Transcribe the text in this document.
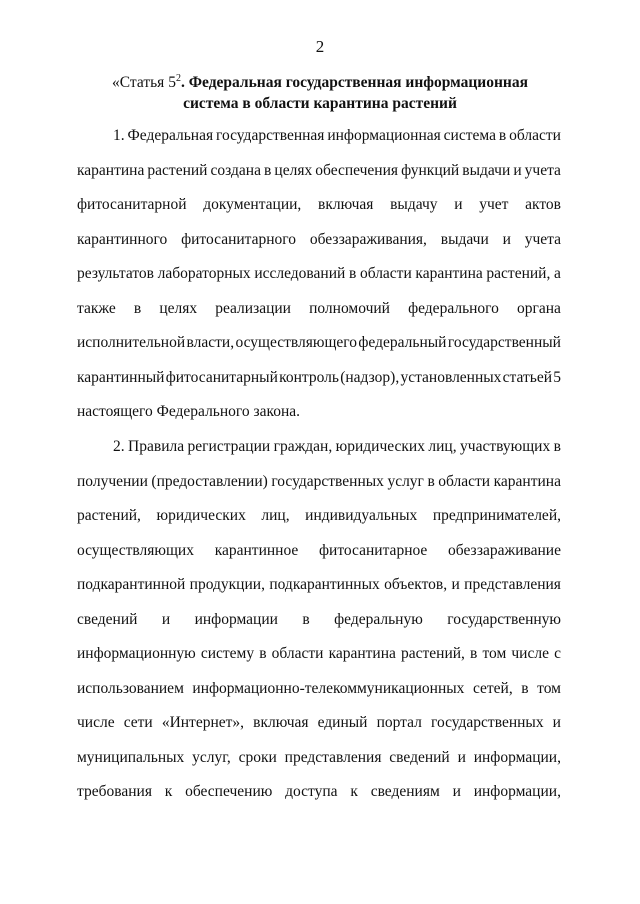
2
«Статья $5^2$. Федеральная государственная информационная
система в области карантина растений
1. Федеральная государственная информационная система в области
карантина растений создана в целях обеспечения функций выдачи и учета
фитосанитарной документации, включая выдачу и учет актов
карантинного фитосанитарного обеззараживания, выдачи и учета
результатов лабораторных исследований в области карантина растений, а
также в целях реализации полномочий федерального органа
исполнительной власти, осуществляющего федеральный государственный
карантинный фитосанитарный контроль (надзор), установленных статьей 5
настоящего Федерального закона.
2. Правила регистрации граждан, юридических лиц, участвующих в
получении (предоставлении) государственных услуг в области карантина
растений, юридических лиц, индивидуальных предпринимателей,
осуществляющих карантинное фитосанитарное обеззараживание
подкарантинной продукции, подкарантинных объектов, и представления
сведений и информации в федеральную государственную
информационную систему в области карантина растений, в том числе с
использованием информационно-телекоммуникационных сетей, в том
числе сети «Интернет», включая единый портал государственных и
муниципальных услуг, сроки представления сведений и информации,
требования к обеспечению доступа к сведениям и информации,
